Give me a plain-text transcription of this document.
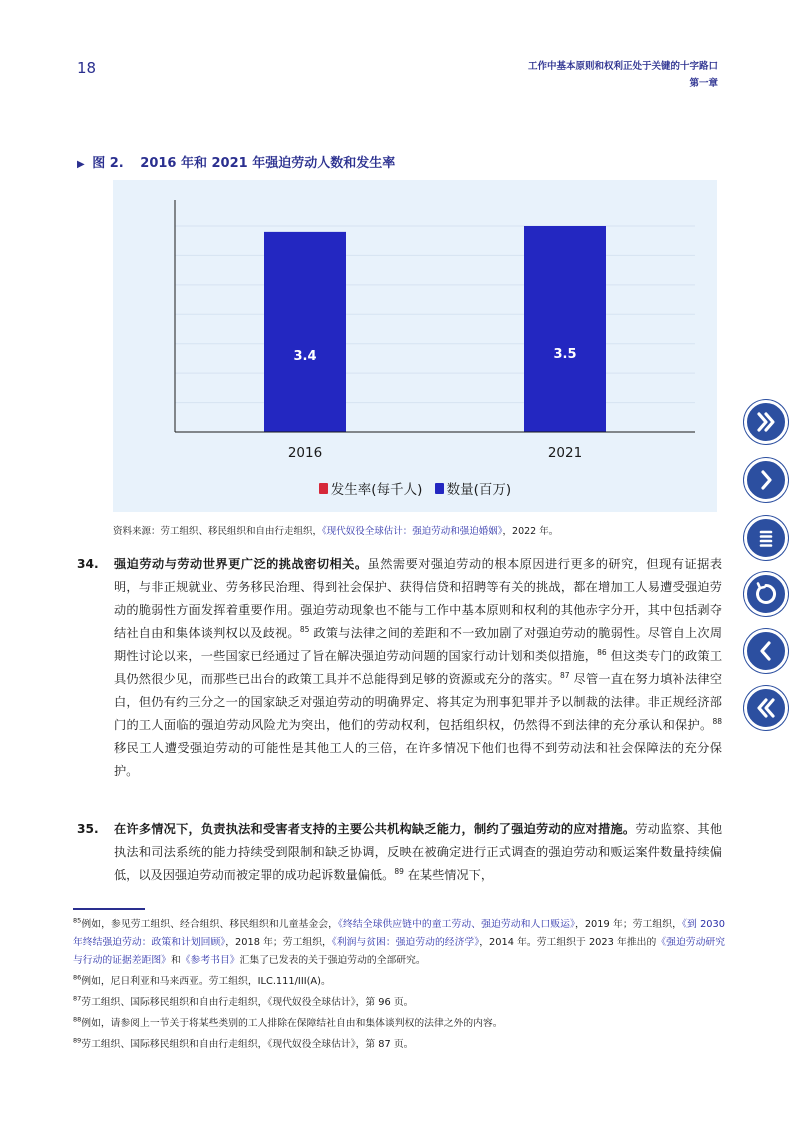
18	工作中基本原则和权利正处于关键的十字路口
第一章
▶ 图 2. 2016 年和 2021 年强迫劳动人数和发生率
3.4
2016
3.5
2021
发生率(每千人)
数量(百万)
资料来源：劳工组织、移民组织和自由行走组织，《现代奴役全球估计：强迫劳动和强迫婚姻》，2022 年。
34. 强迫劳动与劳动世界更广泛的挑战密切相关。虽然需要对强迫劳动的根本原因进行更多的研究，但现有证据表明，与非正规就业、劳务移民治理、得到社会保护、获得信贷和招聘等有关的挑战，都在增加工人易遭受强迫劳动的脆弱性方面发挥着重要作用。强迫劳动现象也不能与工作中基本原则和权利的其他赤字分开，其中包括剥夺结社自由和集体谈判权以及歧视。$^{85}$ 政策与法律之间的差距和不一致加剧了对强迫劳动的脆弱性。尽管自上次周期性讨论以来，一些国家已经通过了旨在解决强迫劳动问题的国家行动计划和类似措施，$^{86}$ 但这类专门的政策工具仍然很少见，而那些已出台的政策工具并不总能得到足够的资源或充分的落实。$^{87}$ 尽管一直在努力填补法律空白，但仍有约三分之一的国家缺乏对强迫劳动的明确界定、将其定为刑事犯罪并予以制裁的法律。非正规经济部门的工人面临的强迫劳动风险尤为突出，他们的劳动权利，包括组织权，仍然得不到法律的充分承认和保护。$^{88}$ 移民工人遭受强迫劳动的可能性是其他工人的三倍，在许多情况下他们也得不到劳动法和社会保障法的充分保护。
35. 在许多情况下，负责执法和受害者支持的主要公共机构缺乏能力，制约了强迫劳动的应对措施。劳动监察、其他执法和司法系统的能力持续受到限制和缺乏协调，反映在被确定进行正式调查的强迫劳动和贩运案件数量持续偏低，以及因强迫劳动而被定罪的成功起诉数量偏低。$^{89}$ 在某些情况下，
$^{85}$例如，参见劳工组织、经合组织、移民组织和儿童基金会，《终结全球供应链中的童工劳动、强迫劳动和人口贩运》，2019 年；劳工组织，《到 2030 年终结强迫劳动：政策和计划回顾》，2018 年；劳工组织，《利润与贫困：强迫劳动的经济学》，2014 年。劳工组织于 2023 年推出的《强迫劳动研究与行动的证据差距图》和《参考书目》汇集了已发表的关于强迫劳动的全部研究。
$^{86}$例如，尼日利亚和马来西亚。劳工组织，ILC.111/III(A)。
$^{87}$劳工组织、国际移民组织和自由行走组织，《现代奴役全球估计》，第 96 页。
$^{88}$例如，请参阅上一节关于将某些类别的工人排除在保障结社自由和集体谈判权的法律之外的内容。
$^{89}$劳工组织、国际移民组织和自由行走组织，《现代奴役全球估计》，第 87 页。
